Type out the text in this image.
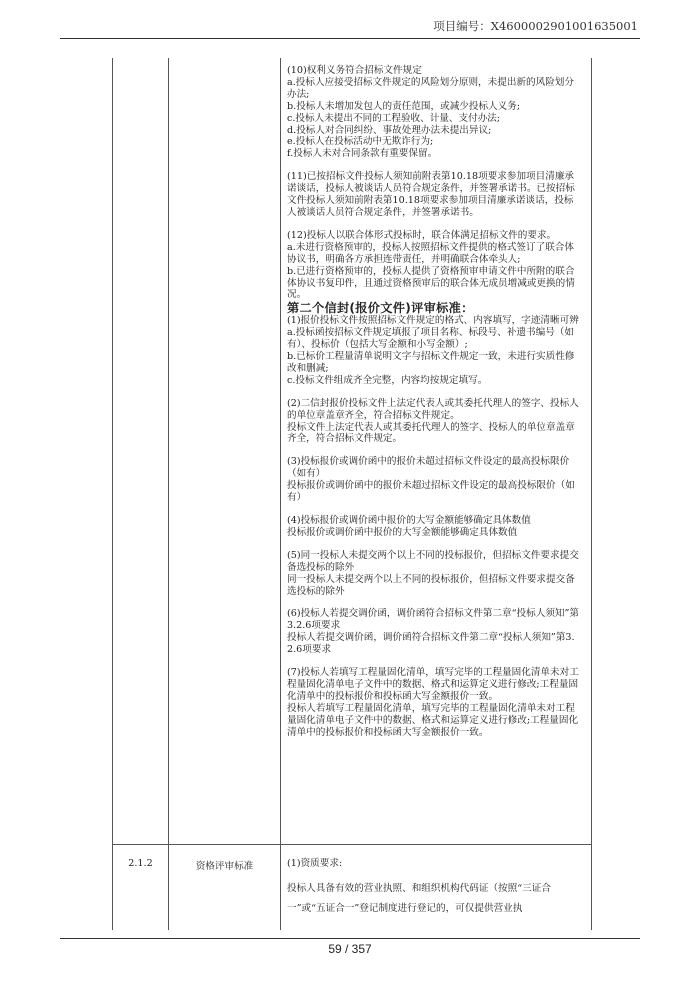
项目编号：X4600002901001635001

(10)权利义务符合招标文件规定

a.投标人应接受招标文件规定的风险划分原则，未提出新的风险划分办法;

b.投标人未增加发包人的责任范围，或减少投标人义务;

c.投标人未提出不同的工程验收、计量、支付办法;

d.投标人对合同纠纷、事故处理办法未提出异议;

e.投标人在投标活动中无欺诈行为;

f.投标人未对合同条款有重要保留。

(11)已按招标文件投标人须知前附表第10.18项要求参加项目清廉承诺谈话，投标人被谈话人员符合规定条件，并签署承诺书。已按招标文件投标人须知前附表第10.18项要求参加项目清廉承诺谈话，投标人被谈话人员符合规定条件，并签署承诺书。

(12)投标人以联合体形式投标时，联合体满足招标文件的要求。

a.未进行资格预审的，投标人按照招标文件提供的格式签订了联合体协议书，明确各方承担连带责任，并明确联合体牵头人;

b.已进行资格预审的，投标人提供了资格预审申请文件中所附的联合体协议书复印件，且通过资格预审后的联合体无成员增减或更换的情况。

第二个信封(报价文件)评审标准：

(1)报价投标文件按照招标文件规定的格式、内容填写，字迹清晰可辨

a.投标函按招标文件规定填报了项目名称、标段号、补遗书编号（如有）、投标价（包括大写金额和小写金额）;

b.已标价工程量清单说明文字与招标文件规定一致，未进行实质性修改和删减;

c.投标文件组成齐全完整，内容均按规定填写。

(2)二信封报价投标文件上法定代表人或其委托代理人的签字、投标人的单位章盖章齐全，符合招标文件规定。

投标文件上法定代表人或其委托代理人的签字、投标人的单位章盖章齐全，符合招标文件规定。

(3)投标报价或调价函中的报价未超过招标文件设定的最高投标限价（如有）

投标报价或调价函中的报价未超过招标文件设定的最高投标限价（如有）

(4)投标报价或调价函中报价的大写金额能够确定具体数值

投标报价或调价函中报价的大写金额能够确定具体数值

(5)同一投标人未提交两个以上不同的投标报价，但招标文件要求提交备选投标的除外

同一投标人未提交两个以上不同的投标报价，但招标文件要求提交备选投标的除外

(6)投标人若提交调价函，调价函符合招标文件第二章“投标人须知”第3.2.6项要求

投标人若提交调价函，调价函符合招标文件第二章“投标人须知”第3.2.6项要求

(7)投标人若填写工程量固化清单，填写完毕的工程量固化清单未对工程量固化清单电子文件中的数据、格式和运算定义进行修改;工程量固化清单中的投标报价和投标函大写金额报价一致。

投标人若填写工程量固化清单，填写完毕的工程量固化清单未对工程量固化清单电子文件中的数据、格式和运算定义进行修改;工程量固化清单中的投标报价和投标函大写金额报价一致。

2.1.2	资格评审标准	(1)资质要求:

投标人具备有效的营业执照、和组织机构代码证（按照“三证合一”或“五证合一”登记制度进行登记的，可仅提供营业执

59 / 357
